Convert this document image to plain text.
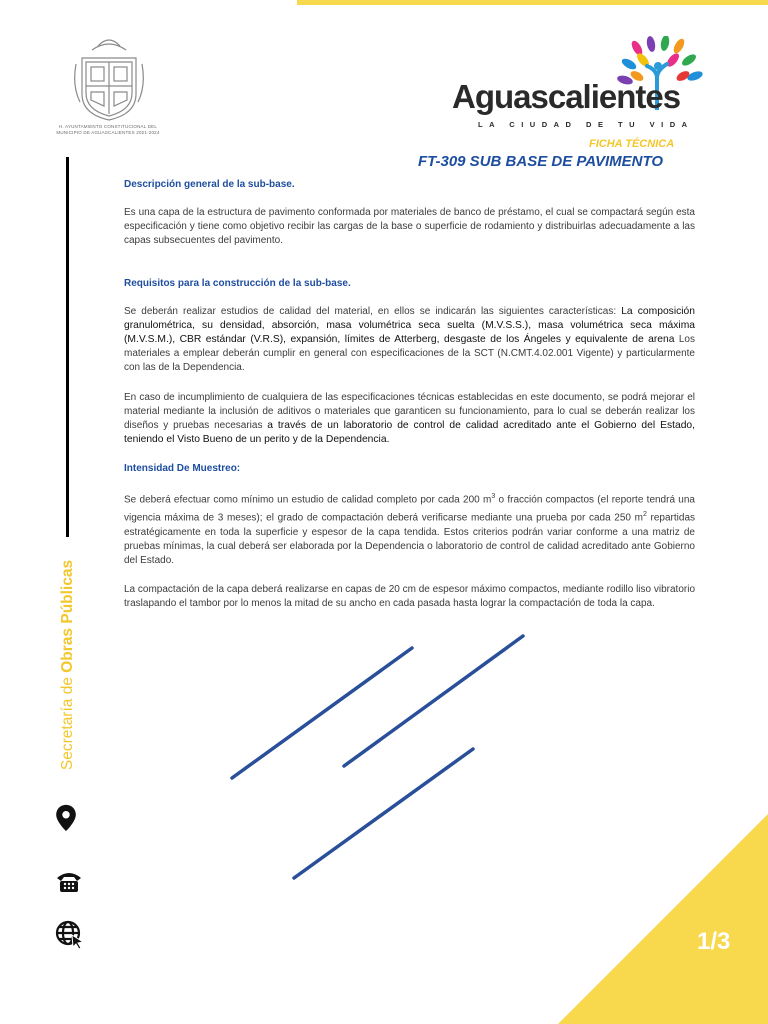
1/3
H. AYUNTAMIENTO CONSTITUCIONAL DEL MUNICIPIO DE AGUASCALIENTES 2021-2024
Aguascalientes
LA CIUDAD DE TU VIDA
FICHA TÉCNICA
FT-309 SUB BASE DE PAVIMENTO
Secretaría de Obras Públicas
Descripción general de la sub-base.

Es una capa de la estructura de pavimento conformada por materiales de banco de préstamo, el cual se compactará según esta especificación y tiene como objetivo recibir las cargas de la base o superficie de rodamiento y distribuirlas adecuadamente a las capas subsecuentes del pavimento.

Requisitos para la construcción de la sub-base.

Se deberán realizar estudios de calidad del material, en ellos se indicarán las siguientes características: La composición granulométrica, su densidad, absorción, masa volumétrica seca suelta (M.V.S.S.), masa volumétrica seca máxima (M.V.S.M.), CBR estándar (V.R.S), expansión, límites de Atterberg, desgaste de los Ángeles y equivalente de arena Los materiales a emplear deberán cumplir en general con especificaciones de la SCT (N.CMT.4.02.001 Vigente) y particularmente con las de la Dependencia.

En caso de incumplimiento de cualquiera de las especificaciones técnicas establecidas en este documento, se podrá mejorar el material mediante la inclusión de aditivos o materiales que garanticen su funcionamiento, para lo cual se deberán realizar los diseños y pruebas necesarias a través de un laboratorio de control de calidad acreditado ante el Gobierno del Estado, teniendo el Visto Bueno de un perito y de la Dependencia.

Intensidad De Muestreo:

Se deberá efectuar como mínimo un estudio de calidad completo por cada 200 $m^3$ o fracción compactos (el reporte tendrá una vigencia máxima de 3 meses); el grado de compactación deberá verificarse mediante una prueba por cada 250 $m^2$ repartidas estratégicamente en toda la superficie y espesor de la capa tendida. Estos criterios podrán variar conforme a una matriz de pruebas mínimas, la cual deberá ser elaborada por la Dependencia o laboratorio de control de calidad acreditado ante Gobierno del Estado.

La compactación de la capa deberá realizarse en capas de 20 cm de espesor máximo compactos, mediante rodillo liso vibratorio traslapando el tambor por lo menos la mitad de su ancho en cada pasada hasta lograr la compactación de toda la capa.
